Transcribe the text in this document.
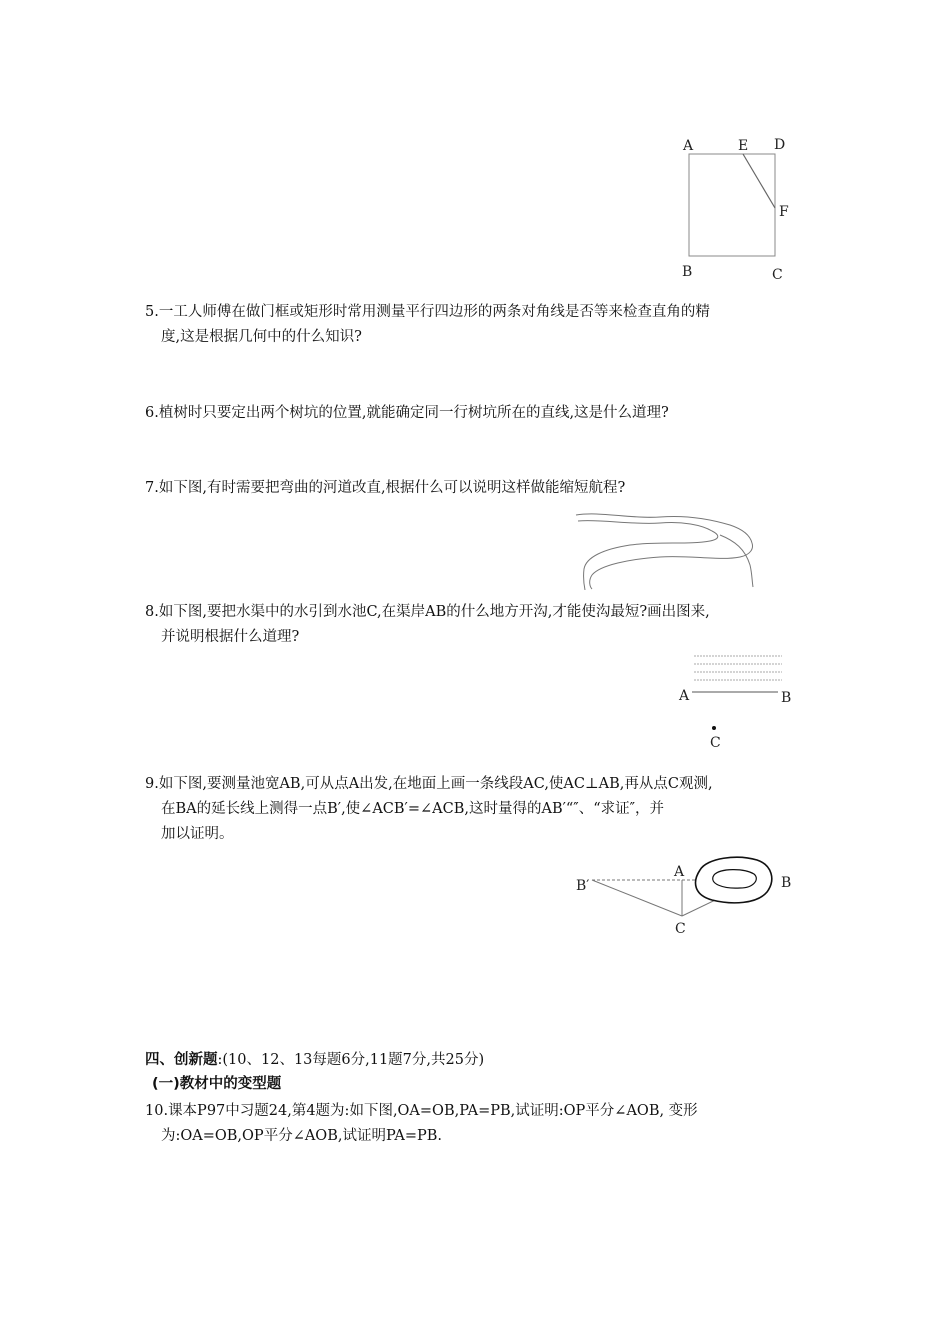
A	E D
F
B	C
5.一工人师傅在做门框或矩形时常用测量平行四边形的两条对角线是否等来检查直角的精
度,这是根据几何中的什么知识?
6.植树时只要定出两个树坑的位置,就能确定同一行树坑所在的直线,这是什么道理?
7.如下图,有时需要把弯曲的河道改直,根据什么可以说明这样做能缩短航程?
8.如下图,要把水渠中的水引到水池C,在渠岸AB的什么地方开沟,才能使沟最短?画出图来,
并说明根据什么道理?
A	B
C
9.如下图,要测量池宽AB,可从点A出发,在地面上画一条线段AC,使AC⊥AB,再从点C观测,
在BA的延长线上测得一点B′,使∠ACB′=∠ACB,这时量得的AB′“″、“求证″，并
加以证明。
B′
A
B
C
四、创新题:(10、12、13每题6分,11题7分,共25分)
(一)教材中的变型题
10.课本P97中习题24,第4题为:如下图,OA=OB,PA=PB,试证明:OP平分∠AOB, 变形
为:OA=OB,OP平分∠AOB,试证明PA=PB.
